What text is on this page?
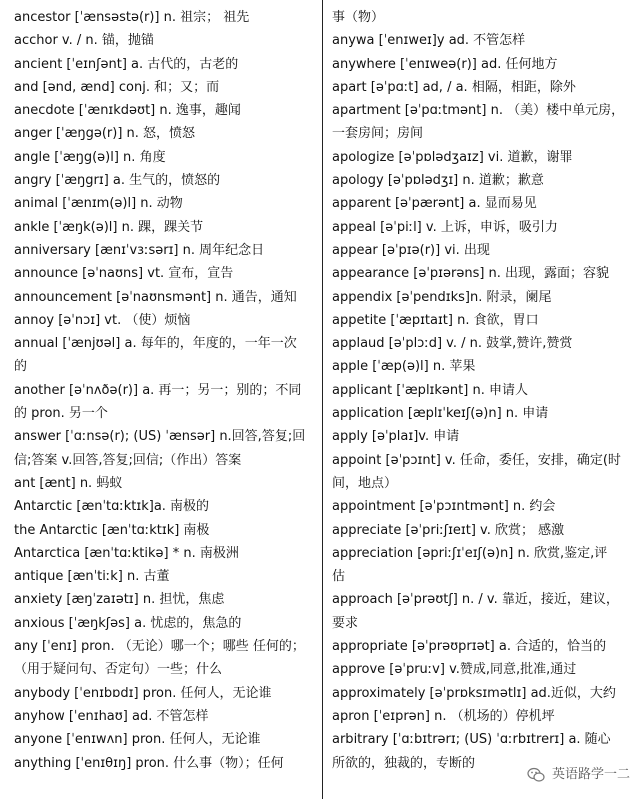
ancestor [ˈænsəstə(r)] n. 祖宗； 祖先
acchor v. / n. 锚，抛锚
ancient [ˈeɪnʃənt] a. 古代的，古老的
and [ənd, ænd] conj. 和；又；而
anecdote [ˈænɪkdəʊt] n. 逸事，趣闻
anger [ˈæŋgə(r)] n. 怒，愤怒
angle [ˈæŋg(ə)l] n. 角度
angry [ˈæŋgrɪ] a. 生气的，愤怒的
animal [ˈænɪm(ə)l] n. 动物
ankle [ˈæŋk(ə)l] n. 踝，踝关节
anniversary [ænɪˈvɜːsərɪ] n. 周年纪念日
announce [əˈnaʊns] vt. 宣布，宣告
announcement [əˈnaʊnsmənt] n. 通告，通知
annoy [əˈnɔɪ] vt. （使）烦恼
annual [ˈænjʊəl] a. 每年的，年度的，一年一次
的
another [əˈnʌðə(r)] a. 再一；另一；别的；不同
的 pron. 另一个
answer [ˈɑːnsə(r); (US) ˈænsər] n.回答,答复;回
信;答案 v.回答,答复;回信;（作出）答案
ant [ænt] n. 蚂蚁
Antarctic [ænˈtɑːktɪk]a. 南极的
the Antarctic [ænˈtɑːktɪk] 南极
Antarctica [ænˈtɑːktikə] * n. 南极洲
antique [ænˈtiːk] n. 古董
anxiety [æŋˈzaɪətɪ] n. 担忧，焦虑
anxious [ˈæŋkʃəs] a. 忧虑的，焦急的
any [ˈenɪ] pron. （无论）哪一个；哪些 任何的；
（用于疑问句、否定句）一些；什么
anybody [ˈenɪbɒdɪ] pron. 任何人，无论谁
anyhow [ˈenɪhaʊ] ad. 不管怎样
anyone [ˈenɪwʌn] pron. 任何人，无论谁
anything [ˈenɪθɪŋ] pron. 什么事（物）；任何
事（物）
anywa [ˈenɪweɪ]y ad. 不管怎样
anywhere [ˈenɪweə(r)] ad. 任何地方
apart [əˈpɑːt] ad, / a. 相隔，相距，除外
apartment [əˈpɑːtmənt] n. （美）楼中单元房，
一套房间；房间
apologize [əˈpɒlədʒaɪz] vi. 道歉，谢罪
apology [əˈpɒlədʒɪ] n. 道歉；歉意
apparent [əˈpærənt] a. 显而易见
appeal [əˈpiːl] v. 上诉，申诉，吸引力
appear [əˈpɪə(r)] vi. 出现
appearance [əˈpɪərəns] n. 出现，露面；容貌
appendix [əˈpendɪks]n. 附录，阑尾
appetite [ˈæpɪtaɪt] n. 食欲，胃口
applaud [əˈplɔːd] v. / n. 鼓掌,赞许,赞赏
apple [ˈæp(ə)l] n. 苹果
applicant [ˈæplɪkənt] n. 申请人
application [æplɪˈkeɪʃ(ə)n] n. 申请
apply [əˈplaɪ]v. 申请
appoint [əˈpɔɪnt] v. 任命，委任，安排，确定(时
间，地点）
appointment [əˈpɔɪntmənt] n. 约会
appreciate [əˈpriːʃɪeɪt] v. 欣赏； 感激
appreciation [əpriːʃɪˈeɪʃ(ə)n] n. 欣赏,鉴定,评
估
approach [əˈprəʊtʃ] n. / v. 靠近，接近，建议，
要求
appropriate [əˈprəʊprɪət] a. 合适的，恰当的
approve [əˈpruːv] v.赞成,同意,批准,通过
approximately [əˈprɒksɪmətlɪ] ad.近似，大约
apron [ˈeɪprən] n. （机场的）停机坪
arbitrary [ˈɑːbɪtrərɪ; (US) ˈɑːrbɪtrerɪ] a. 随心
所欲的，独裁的，专断的
英语路学一二
